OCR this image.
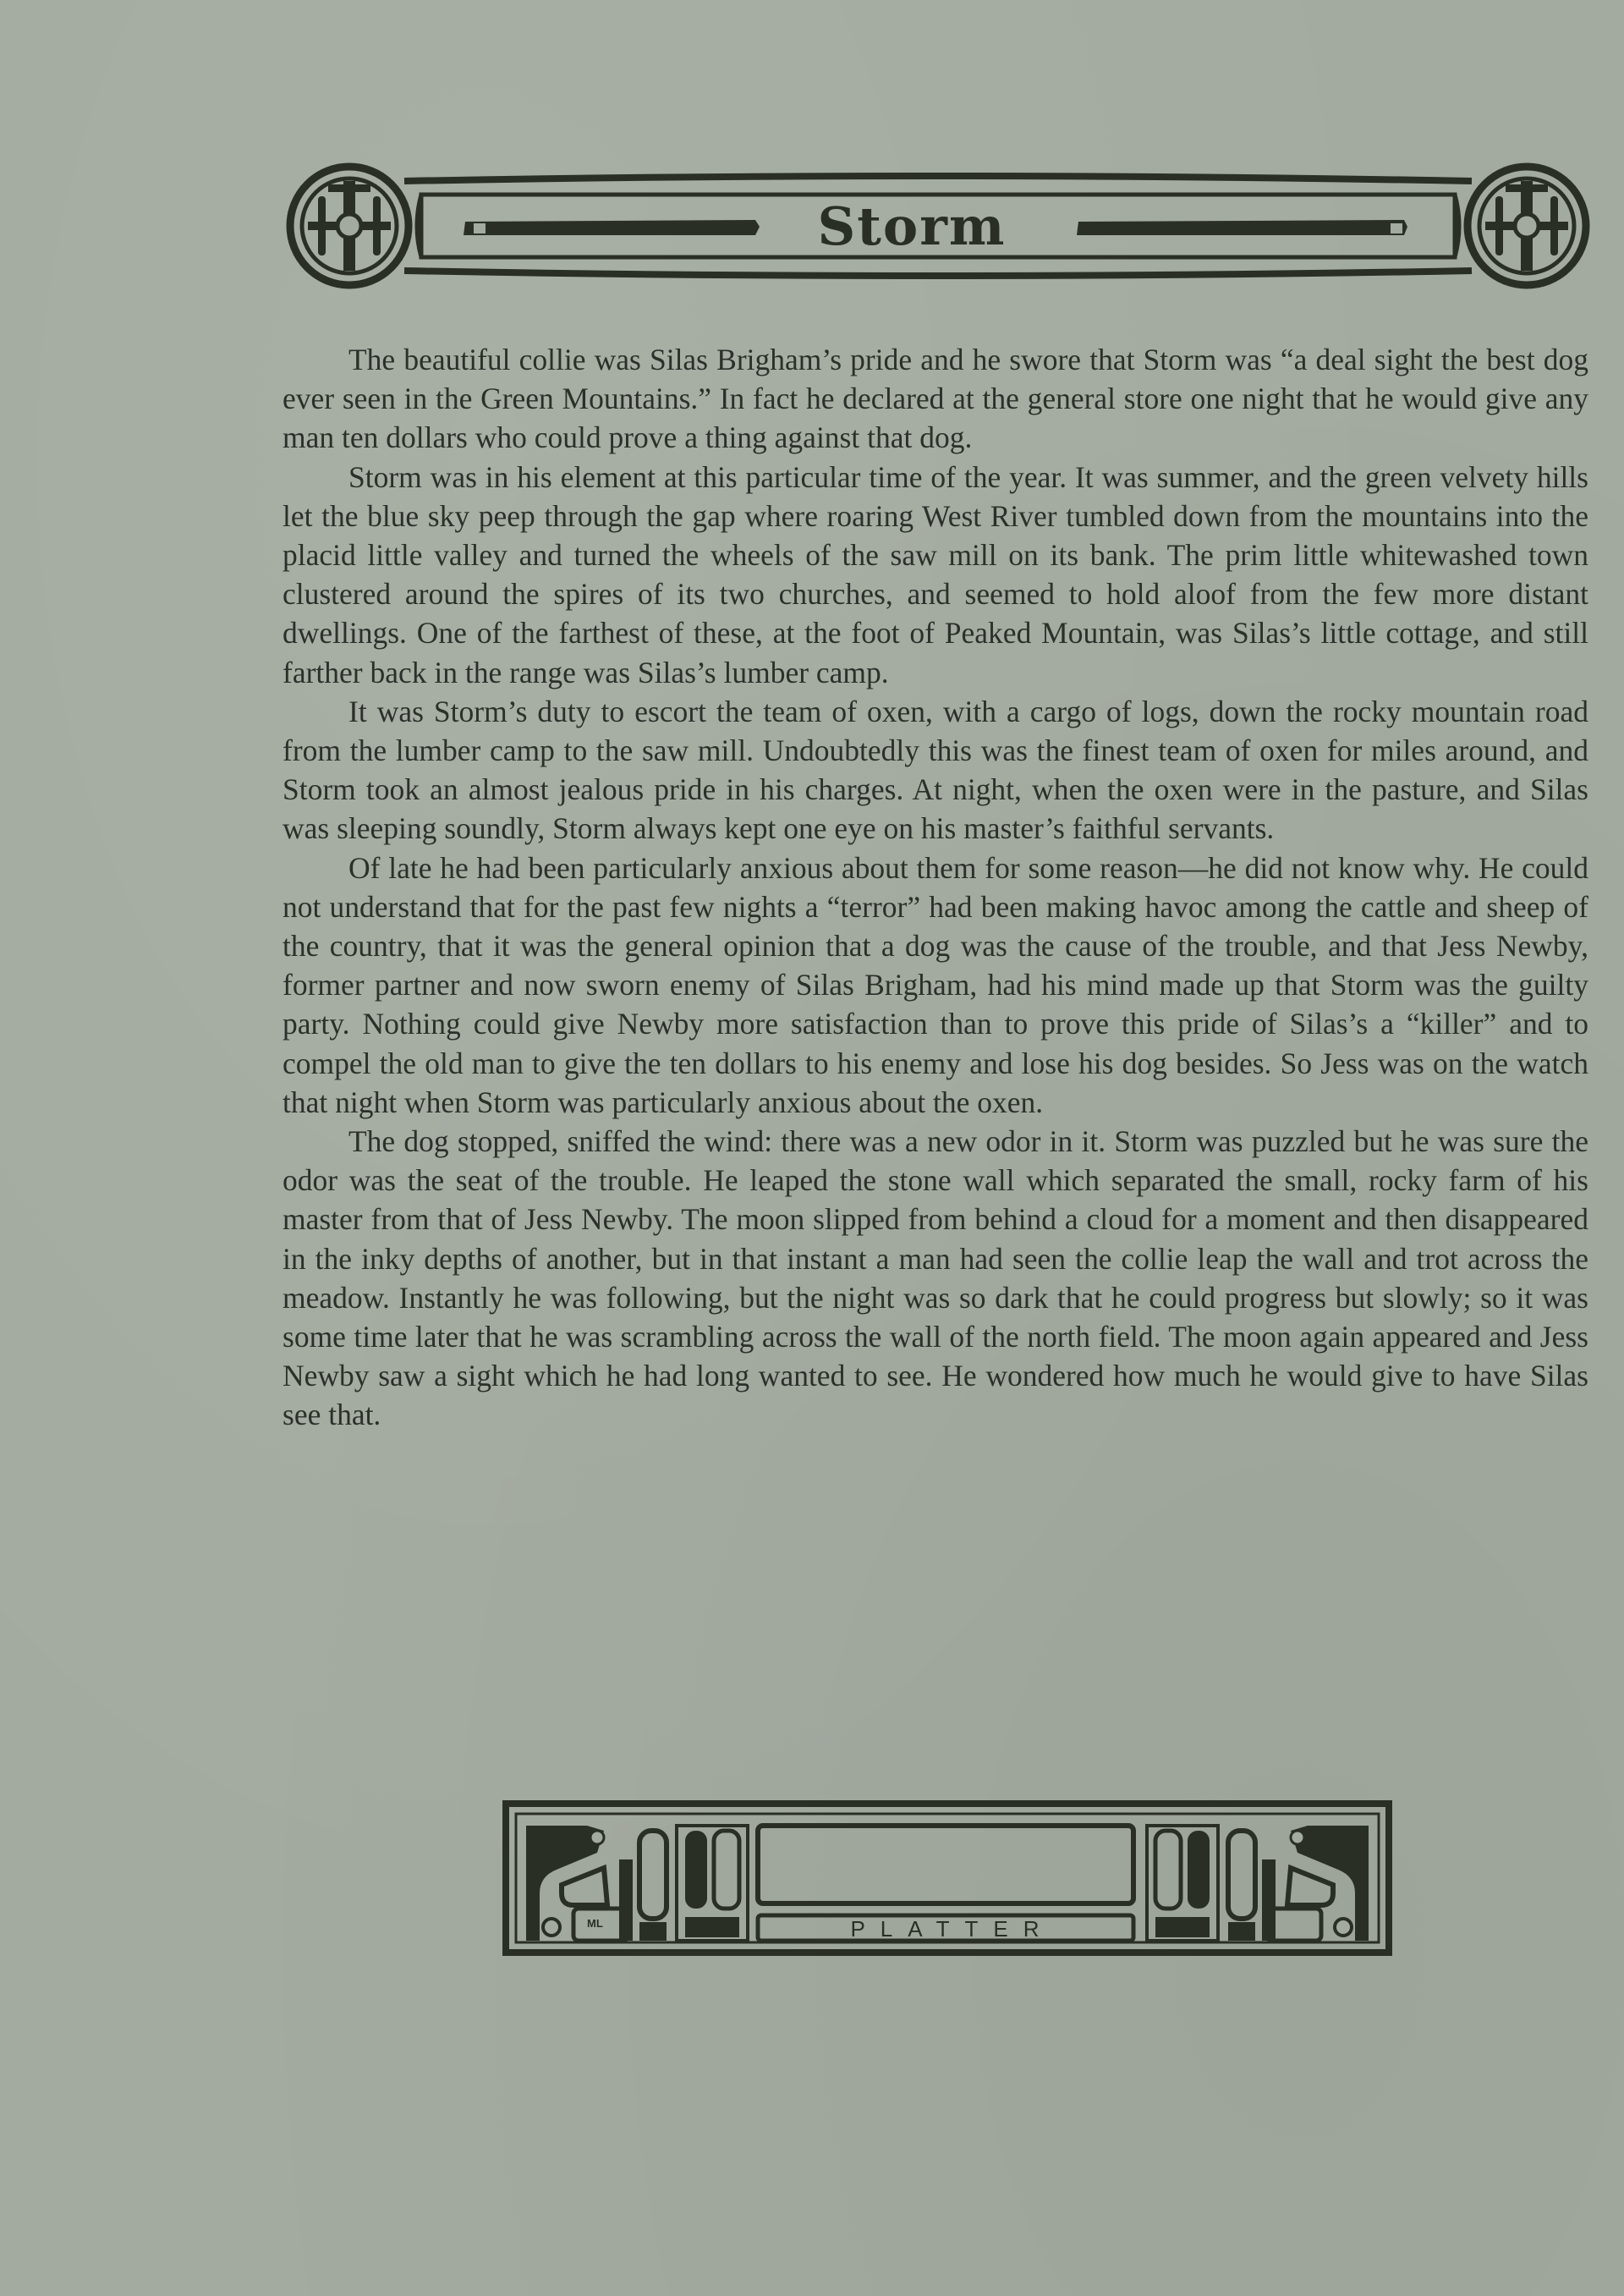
Storm

The beautiful collie was Silas Brigham’s pride and he swore that Storm was “a deal sight the best dog ever seen in the Green Mountains.” In fact he declared at the general store one night that he would give any man ten dollars who could prove a thing against that dog.

Storm was in his element at this particular time of the year. It was summer, and the green velvety hills let the blue sky peep through the gap where roaring West River tumbled down from the mountains into the placid little valley and turned the wheels of the saw mill on its bank. The prim little whitewashed town clustered around the spires of its two churches, and seemed to hold aloof from the few more distant dwellings. One of the farthest of these, at the foot of Peaked Mountain, was Silas’s little cottage, and still farther back in the range was Silas’s lumber camp.

It was Storm’s duty to escort the team of oxen, with a cargo of logs, down the rocky mountain road from the lumber camp to the saw mill. Undoubtedly this was the finest team of oxen for miles around, and Storm took an almost jealous pride in his charges. At night, when the oxen were in the pasture, and Silas was sleeping soundly, Storm always kept one eye on his master’s faithful servants.

Of late he had been particularly anxious about them for some reason—he did not know why. He could not understand that for the past few nights a “terror” had been making havoc among the cattle and sheep of the country, that it was the general opinion that a dog was the cause of the trouble, and that Jess Newby, former partner and now sworn enemy of Silas Brigham, had his mind made up that Storm was the guilty party. Nothing could give Newby more satisfaction than to prove this pride of Silas’s a “killer” and to compel the old man to give the ten dollars to his enemy and lose his dog besides. So Jess was on the watch that night when Storm was particularly anxious about the oxen.

The dog stopped, sniffed the wind: there was a new odor in it. Storm was puzzled but he was sure the odor was the seat of the trouble. He leaped the stone wall which separated the small, rocky farm of his master from that of Jess Newby. The moon slipped from behind a cloud for a moment and then disappeared in the inky depths of another, but in that instant a man had seen the collie leap the wall and trot across the meadow. Instantly he was following, but the night was so dark that he could progress but slowly; so it was some time later that he was scrambling across the wall of the north field. The moon again appeared and Jess Newby saw a sight which he had long wanted to see. He wondered how much he would give to have Silas see that.

PLATTER
ML
